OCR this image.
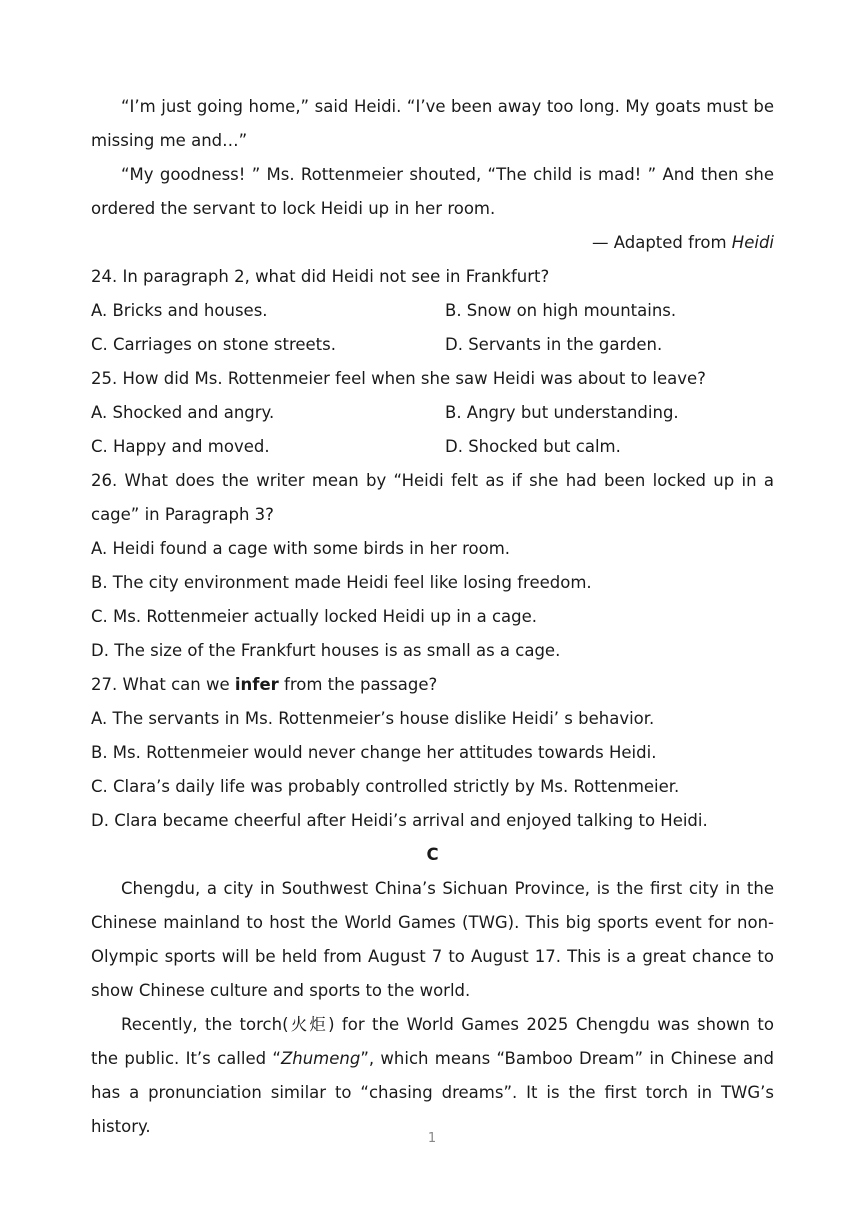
“I’m just going home,” said Heidi. “I’ve been away too long. My goats must be missing me and…”

“My goodness! ” Ms. Rottenmeier shouted, “The child is mad! ” And then she ordered the servant to lock Heidi up in her room.

— Adapted from Heidi

24. In paragraph 2, what did Heidi not see in Frankfurt?

A. Bricks and houses.	B. Snow on high mountains.
C. Carriages on stone streets.	D. Servants in the garden.

25. How did Ms. Rottenmeier feel when she saw Heidi was about to leave?

A. Shocked and angry.	B. Angry but understanding.
C. Happy and moved.	D. Shocked but calm.

26. What does the writer mean by “Heidi felt as if she had been locked up in a cage” in Paragraph 3?

A. Heidi found a cage with some birds in her room.
B. The city environment made Heidi feel like losing freedom.
C. Ms. Rottenmeier actually locked Heidi up in a cage.
D. The size of the Frankfurt houses is as small as a cage.

27. What can we infer from the passage?

A. The servants in Ms. Rottenmeier’s house dislike Heidi’ s behavior.
B. Ms. Rottenmeier would never change her attitudes towards Heidi.
C. Clara’s daily life was probably controlled strictly by Ms. Rottenmeier.
D. Clara became cheerful after Heidi’s arrival and enjoyed talking to Heidi.
C

Chengdu, a city in Southwest China’s Sichuan Province, is the first city in the Chinese mainland to host the World Games (TWG). This big sports event for non-Olympic sports will be held from August 7 to August 17. This is a great chance to show Chinese culture and sports to the world.

Recently, the torch(火炬) for the World Games 2025 Chengdu was shown to the public. It’s called “Zhumeng”, which means “Bamboo Dream” in Chinese and has a pronunciation similar to “chasing dreams”. It is the first torch in TWG’s history.

1
